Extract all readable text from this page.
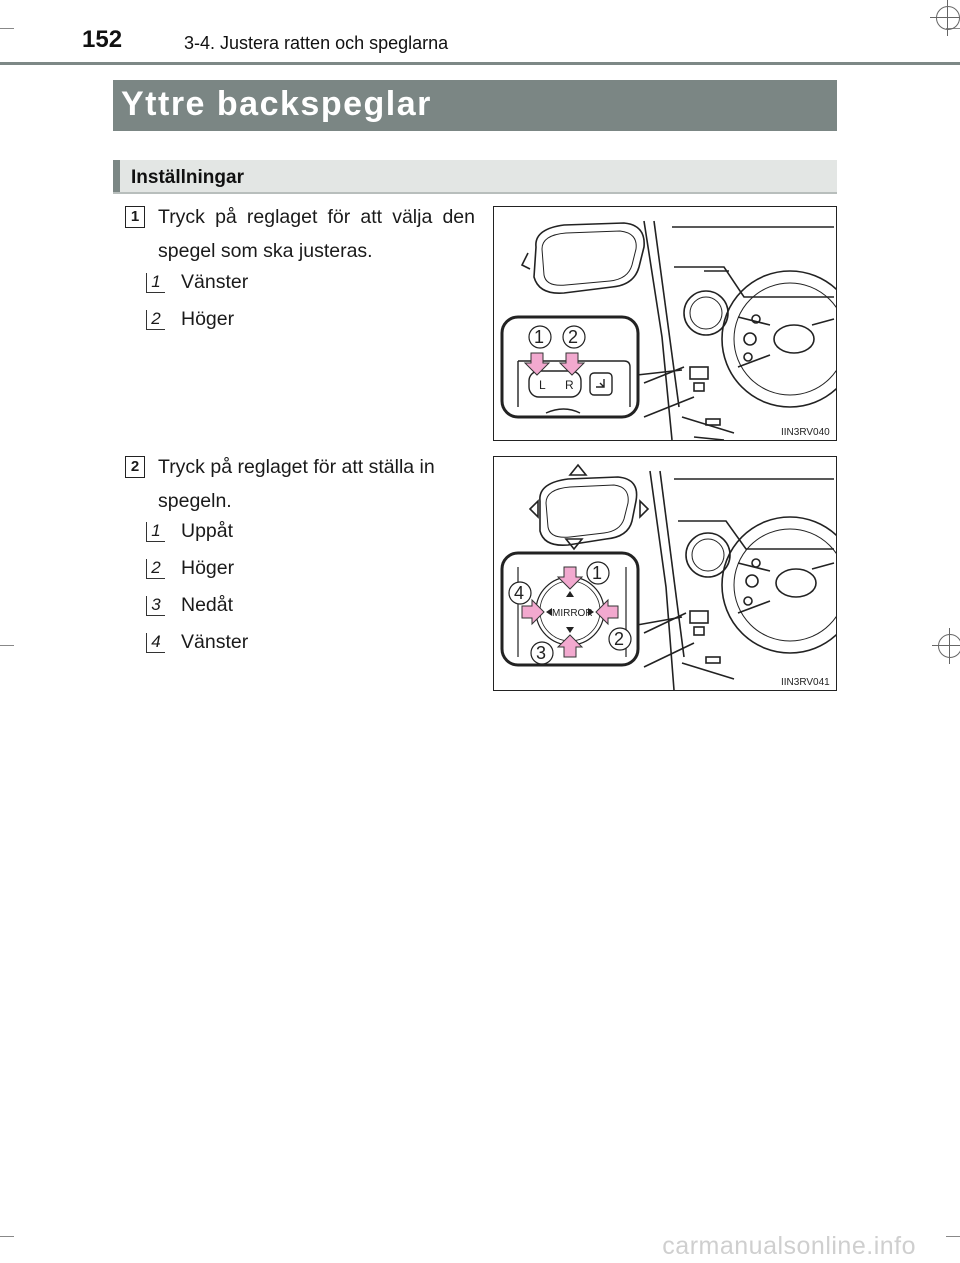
152	3-4. Justera ratten och speglarna
Yttre backspeglar
Inställningar
1 Tryck på reglaget för att välja den spegel som ska justeras.
1 Vänster
2 Höger
L R
1 2
IIN3RV040
2 Tryck på reglaget för att ställa in spegeln.
1 Uppåt
2 Höger
3 Nedåt
4 Vänster
MIRROR
1
2
3
4
IIN3RV041
carmanualsonline.info
